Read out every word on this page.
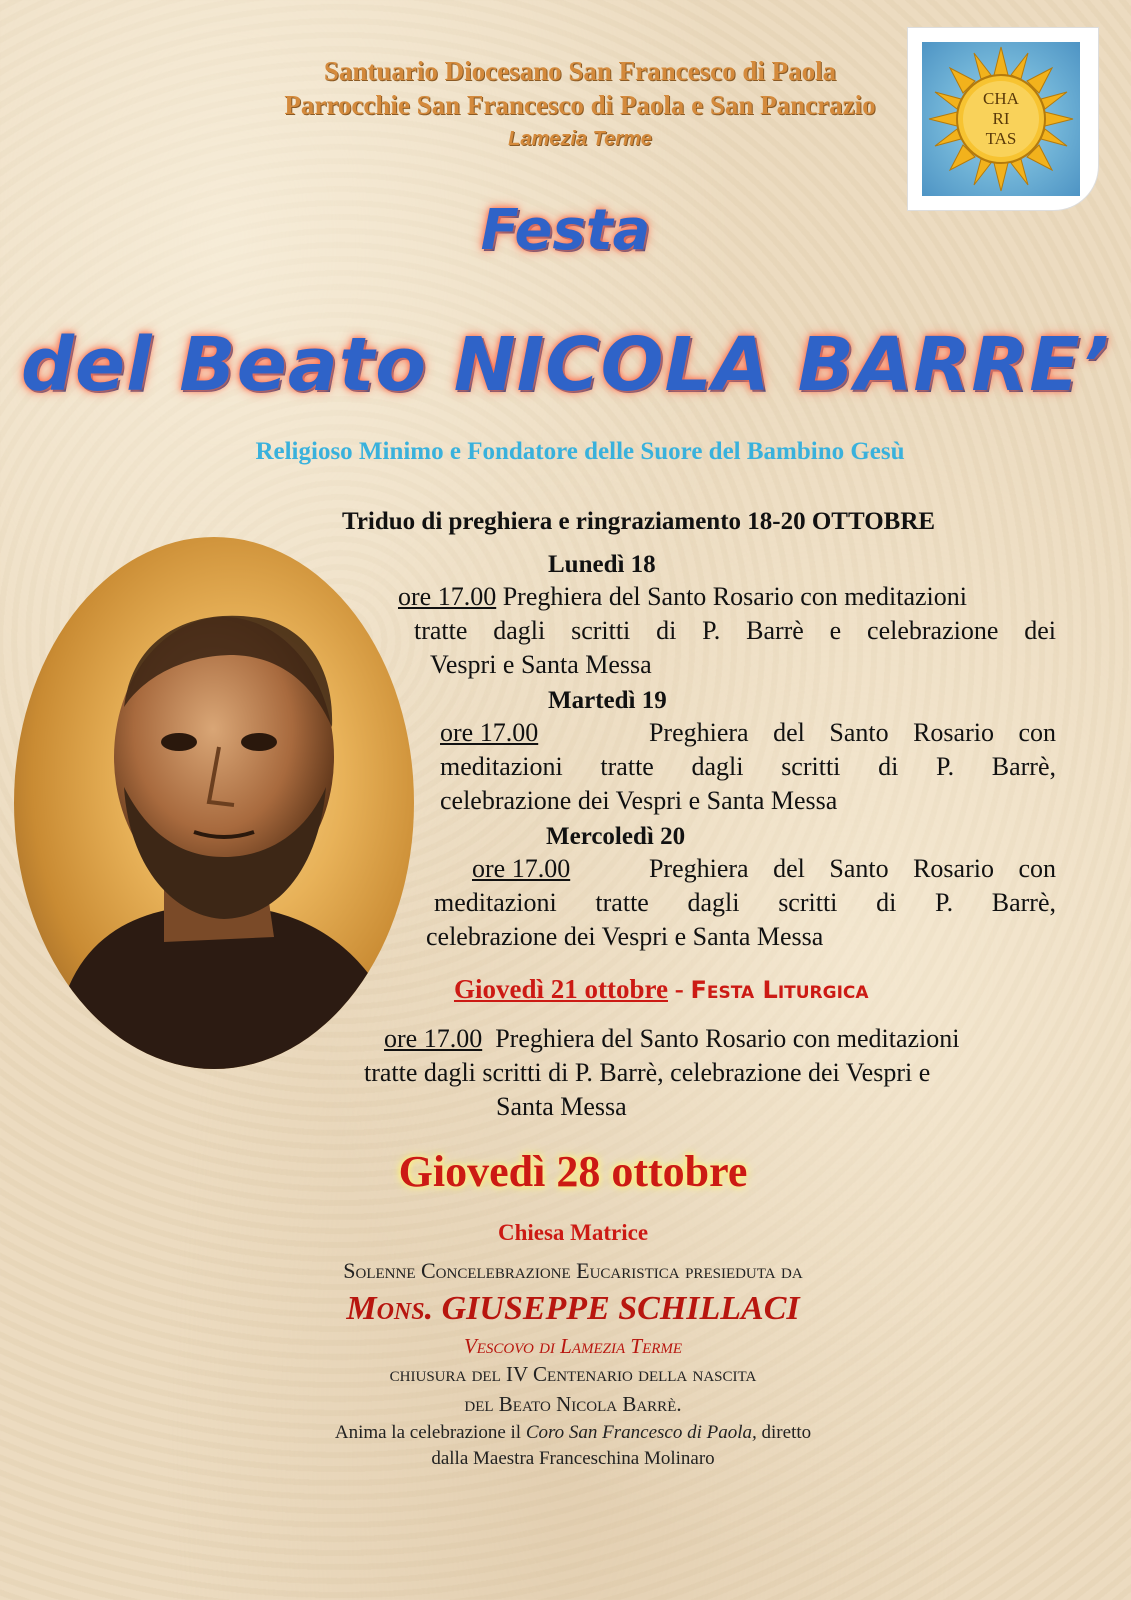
Santuario Diocesano San Francesco di Paola
Parrocchie San Francesco di Paola e San Pancrazio
Lamezia Terme
CHA
RI
TAS
Festa
del Beato NICOLA BARRE’
Religioso Minimo e Fondatore delle Suore del Bambino Gesù
Triduo di preghiera e ringraziamento 18-20 OTTOBRE
Lunedì 18
ore 17.00 Preghiera del Santo Rosario con meditazioni
tratte dagli scritti di P. Barrè e celebrazione dei
Vespri e Santa Messa
Martedì 19
ore 17.00	Preghiera del Santo Rosario con
meditazioni tratte dagli scritti di P. Barrè,
celebrazione dei Vespri e Santa Messa
Mercoledì 20
ore 17.00	Preghiera del Santo Rosario con
meditazioni tratte dagli scritti di P. Barrè,
celebrazione dei Vespri e Santa Messa
Giovedì 21 ottobre - Festa Liturgica
ore 17.00 Preghiera del Santo Rosario con meditazioni
tratte dagli scritti di P. Barrè, celebrazione dei Vespri e
Santa Messa
Giovedì 28 ottobre
Chiesa Matrice
Solenne Concelebrazione Eucaristica presieduta da
Mons. GIUSEPPE SCHILLACI
Vescovo di Lamezia Terme
chiusura del IV Centenario della nascita
del Beato Nicola Barrè.
Anima la celebrazione il Coro San Francesco di Paola, diretto
dalla Maestra Franceschina Molinaro
